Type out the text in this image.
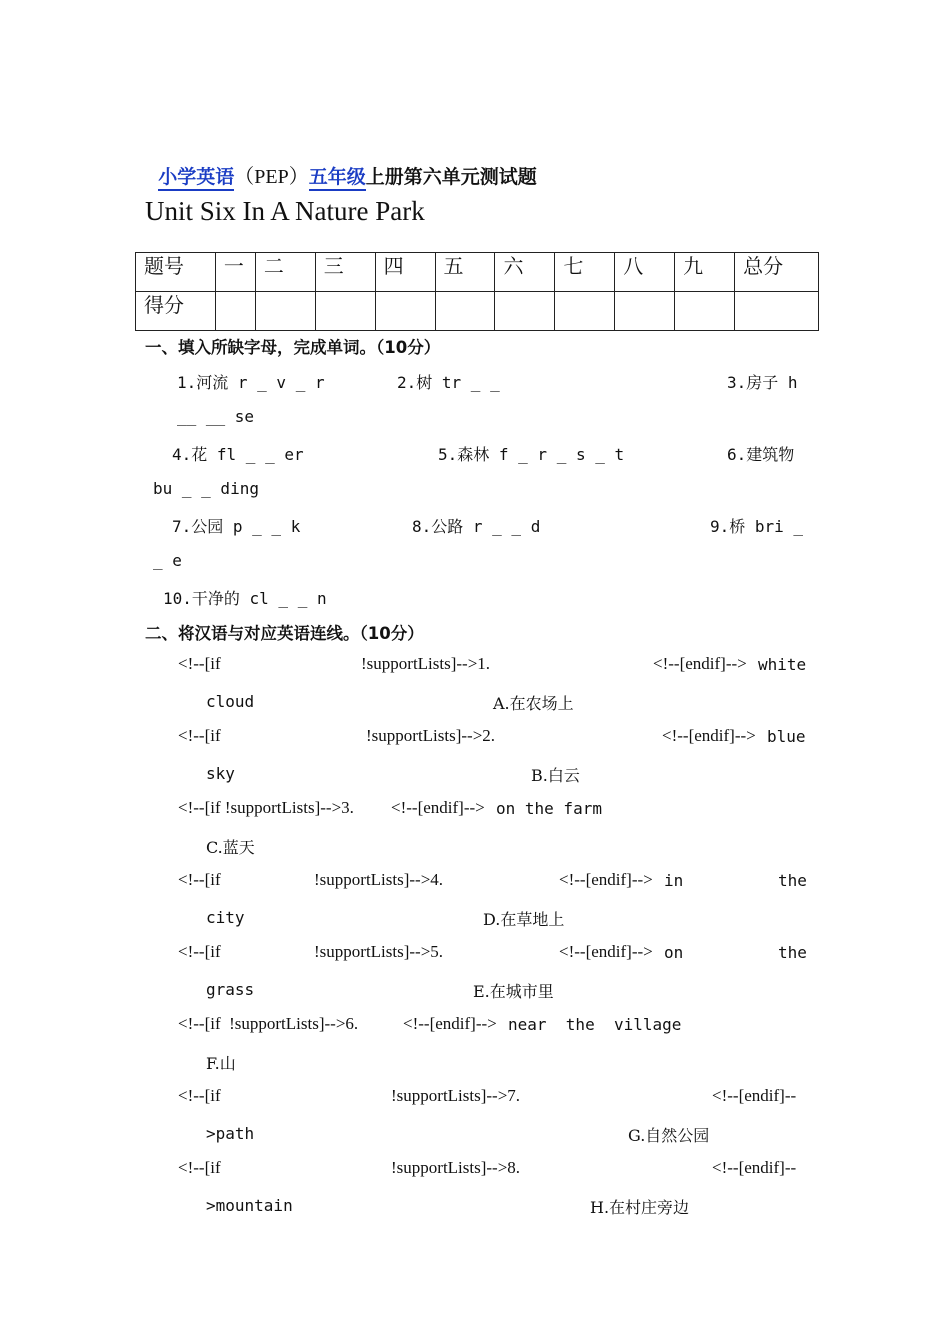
小学英语（PEP）五年级上册第六单元测试题

Unit Six In A Nature Park
题号	一	二	三	四	五	六	七	八	九	总分
得分										
一、填入所缺字母，完成单词。（10分）
1.河流 r _ v _ r	2.树 tr _ _	3.房子 h
__ __ se
4.花 fl _ _ er	5.森林 f _ r _ s _ t	6.建筑物
bu _ _ ding
7.公园 p _ _ k	8.公路 r _ _ d	9.桥 bri _
_ e
10.干净的 cl _ _ n
二、将汉语与对应英语连线。（10分）
<!--[if	!supportLists]-->1.	<!--[endif]--> white
cloud	A.在农场上
<!--[if	!supportLists]-->2.	<!--[endif]--> blue
sky	B.白云
<!--[if !supportLists]-->3. <!--[endif]--> on the farm
C.蓝天
<!--[if	!supportLists]-->4.	<!--[endif]--> in	the
city	D.在草地上
<!--[if	!supportLists]-->5.	<!--[endif]--> on	the
grass	E.在城市里
<!--[if  !supportLists]-->6.	<!--[endif]--> near  the  village
F.山
<!--[if	!supportLists]-->7.	<!--[endif]--
>path	G.自然公园
<!--[if	!supportLists]-->8.	<!--[endif]--
>mountain	H.在村庄旁边
